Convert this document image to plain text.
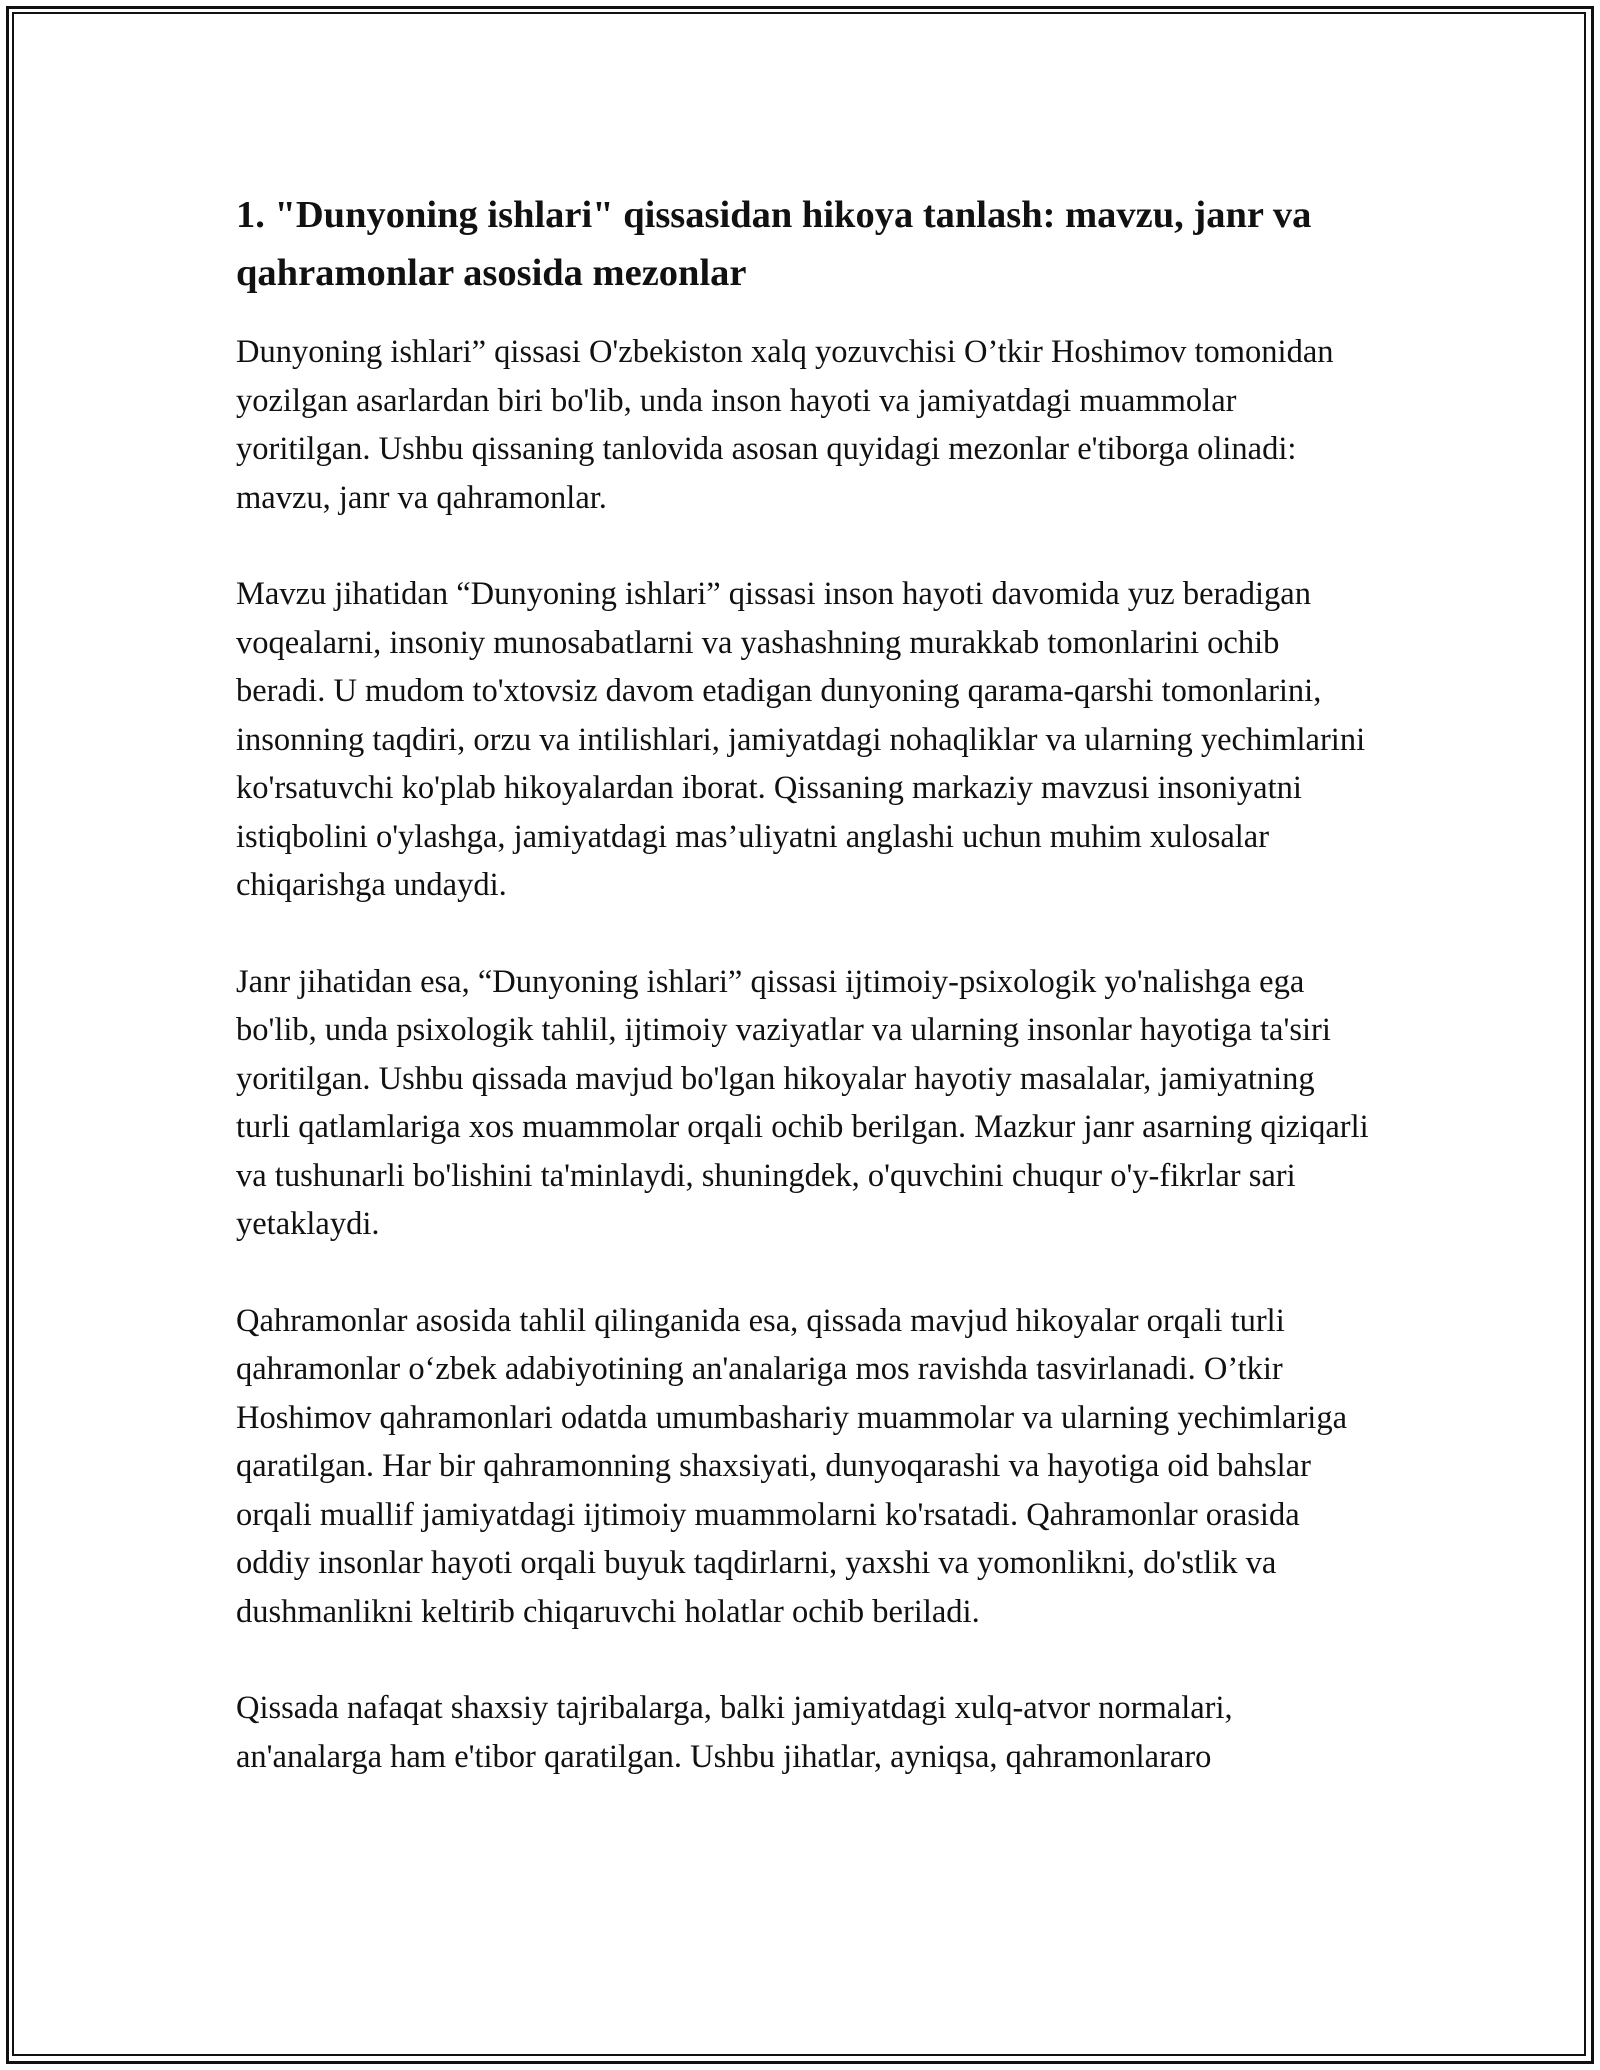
1. "Dunyoning ishlari" qissasidan hikoya tanlash: mavzu, janr va qahramonlar asosida mezonlar

Dunyoning ishlari” qissasi O'zbekiston xalq yozuvchisi O’tkir Hoshimov tomonidan yozilgan asarlardan biri bo'lib, unda inson hayoti va jamiyatdagi muammolar yoritilgan. Ushbu qissaning tanlovida asosan quyidagi mezonlar e'tiborga olinadi: mavzu, janr va qahramonlar.

Mavzu jihatidan “Dunyoning ishlari” qissasi inson hayoti davomida yuz beradigan voqealarni, insoniy munosabatlarni va yashashning murakkab tomonlarini ochib beradi. U mudom to'xtovsiz davom etadigan dunyoning qarama-qarshi tomonlarini, insonning taqdiri, orzu va intilishlari, jamiyatdagi nohaqliklar va ularning yechimlarini ko'rsatuvchi ko'plab hikoyalardan iborat. Qissaning markaziy mavzusi insoniyatni istiqbolini o'ylashga, jamiyatdagi mas’uliyatni anglashi uchun muhim xulosalar chiqarishga undaydi.

Janr jihatidan esa, “Dunyoning ishlari” qissasi ijtimoiy-psixologik yo'nalishga ega bo'lib, unda psixologik tahlil, ijtimoiy vaziyatlar va ularning insonlar hayotiga ta'siri yoritilgan. Ushbu qissada mavjud bo'lgan hikoyalar hayotiy masalalar, jamiyatning turli qatlamlariga xos muammolar orqali ochib berilgan. Mazkur janr asarning qiziqarli va tushunarli bo'lishini ta'minlaydi, shuningdek, o'quvchini chuqur o'y-fikrlar sari yetaklaydi.

Qahramonlar asosida tahlil qilinganida esa, qissada mavjud hikoyalar orqali turli qahramonlar o‘zbek adabiyotining an'analariga mos ravishda tasvirlanadi. O’tkir Hoshimov qahramonlari odatda umumbashariy muammolar va ularning yechimlariga qaratilgan. Har bir qahramonning shaxsiyati, dunyoqarashi va hayotiga oid bahslar orqali muallif jamiyatdagi ijtimoiy muammolarni ko'rsatadi. Qahramonlar orasida oddiy insonlar hayoti orqali buyuk taqdirlarni, yaxshi va yomonlikni, do'stlik va dushmanlikni keltirib chiqaruvchi holatlar ochib beriladi.

Qissada nafaqat shaxsiy tajribalarga, balki jamiyatdagi xulq-atvor normalari, an'analarga ham e'tibor qaratilgan. Ushbu jihatlar, ayniqsa, qahramonlararo
